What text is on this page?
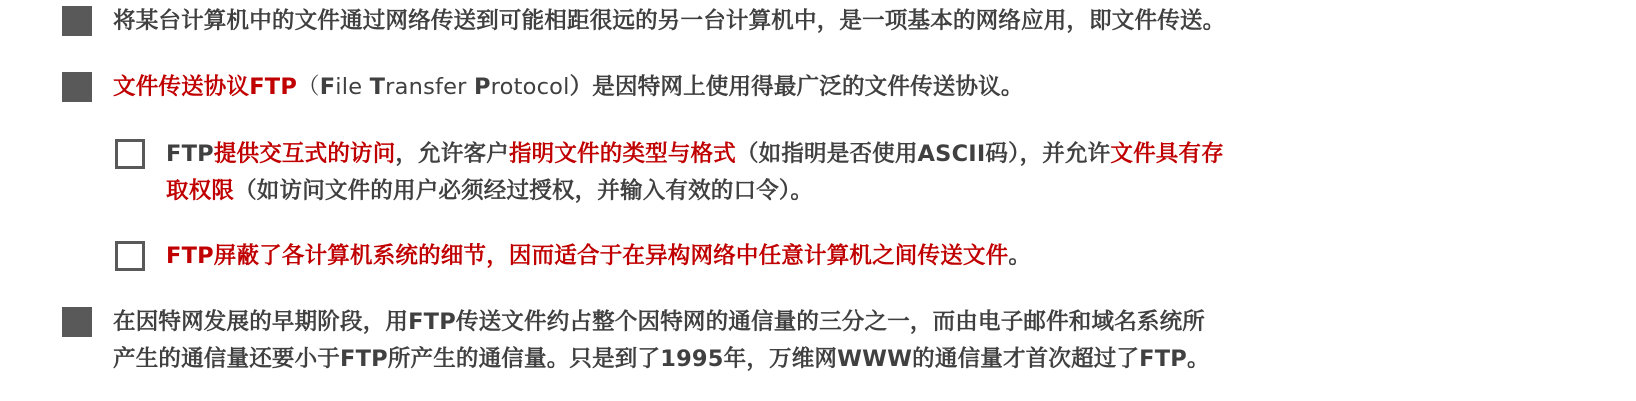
将某台计算机中的文件通过网络传送到可能相距很远的另一台计算机中，是一项基本的网络应用，即文件传送。
文件传送协议FTP（File Transfer Protocol）是因特网上使用得最广泛的文件传送协议。
FTP提供交互式的访问，允许客户指明文件的类型与格式（如指明是否使用ASCII码），并允许文件具有存
取权限（如访问文件的用户必须经过授权，并输入有效的口令）。
FTP屏蔽了各计算机系统的细节，因而适合于在异构网络中任意计算机之间传送文件。
在因特网发展的早期阶段，用FTP传送文件约占整个因特网的通信量的三分之一，而由电子邮件和域名系统所
产生的通信量还要小于FTP所产生的通信量。只是到了1995年，万维网WWW的通信量才首次超过了FTP。
